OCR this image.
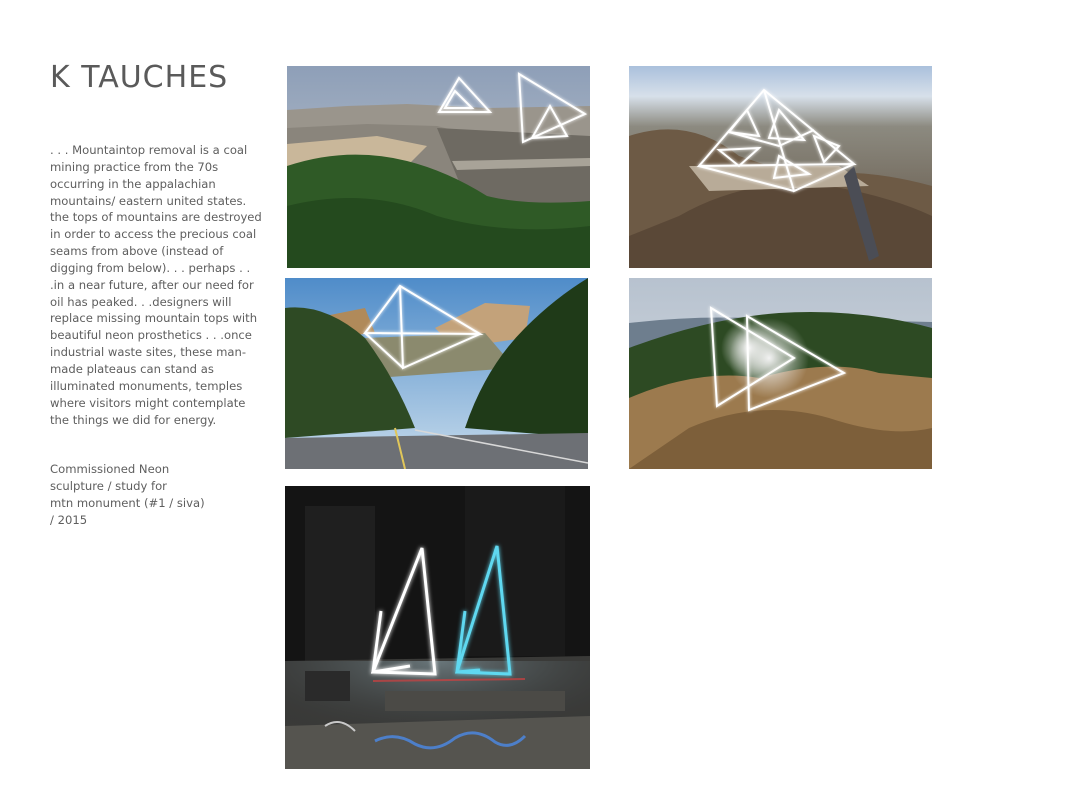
K TAUCHES

. . . Mountaintop removal is a coal mining practice from the 70s occurring in the appalachian mountains/ eastern united states. the tops of mountains are destroyed in order to access the precious coal seams from above (instead of digging from below). . . perhaps . . .in a near future, after our need for oil has peaked. . .designers will replace missing mountain tops with beautiful neon prosthetics . . .once industrial waste sites, these man-made plateaus can stand as illuminated monuments, temples where visitors might contemplate the things we did for energy.

Commissioned Neon
sculpture / study for
mtn monument (#1 / siva)
/ 2015
